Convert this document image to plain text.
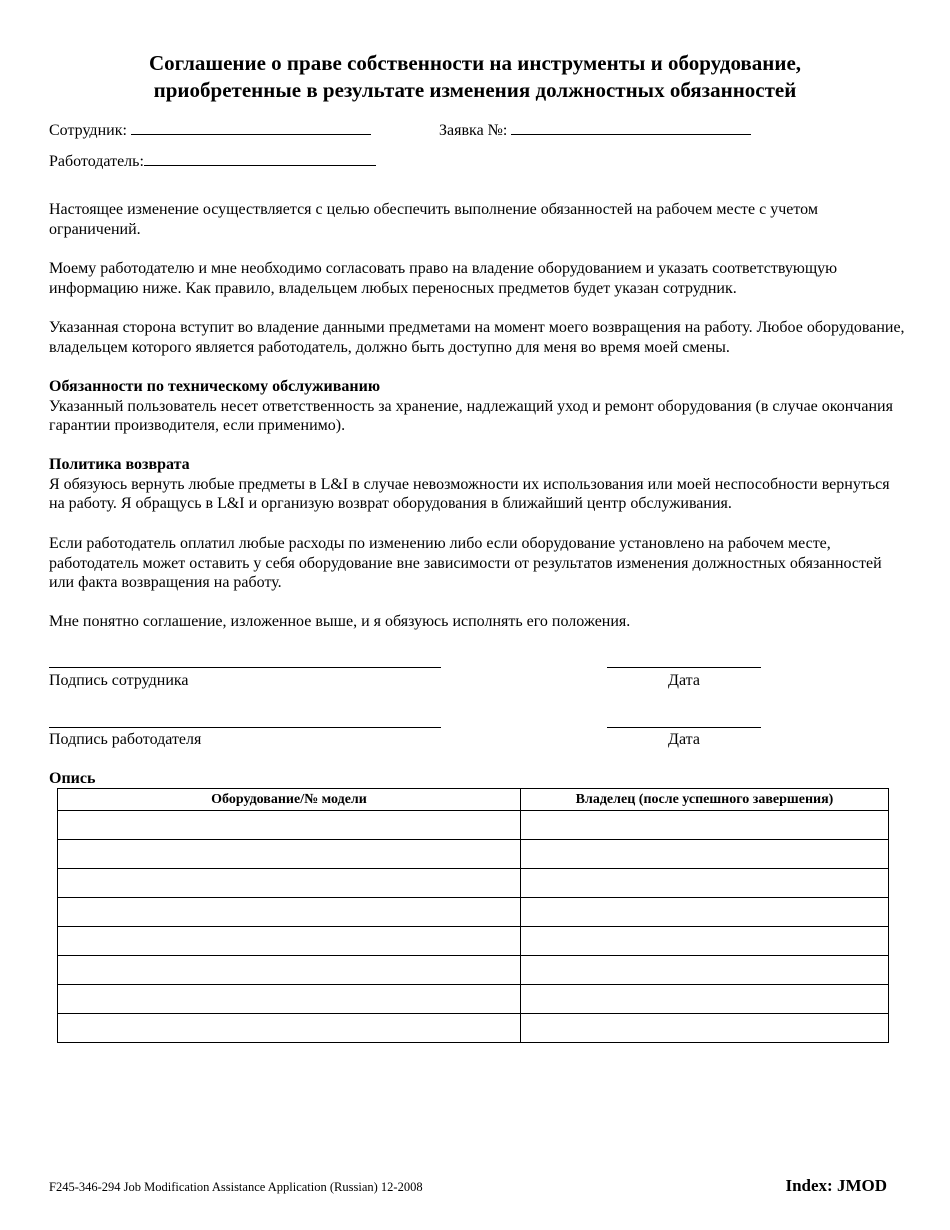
Соглашение о праве собственности на инструменты и оборудование,
приобретенные в результате изменения должностных обязанностей
Сотрудник:	Заявка №:
Работодатель:
Настоящее изменение осуществляется с целью обеспечить выполнение обязанностей на рабочем месте с учетом ограничений.
Моему работодателю и мне необходимо согласовать право на владение оборудованием и указать соответствующую информацию ниже. Как правило, владельцем любых переносных предметов будет указан сотрудник.
Указанная сторона вступит во владение данными предметами на момент моего возвращения на работу. Любое оборудование, владельцем которого является работодатель, должно быть доступно для меня во время моей смены.
Обязанности по техническому обслуживанию
Указанный пользователь несет ответственность за хранение, надлежащий уход и ремонт оборудования (в случае окончания гарантии производителя, если применимо).
Политика возврата
Я обязуюсь вернуть любые предметы в L&I в случае невозможности их использования или моей неспособности вернуться на работу. Я обращусь в L&I и организую возврат оборудования в ближайший центр обслуживания.
Если работодатель оплатил любые расходы по изменению либо если оборудование установлено на рабочем месте, работодатель может оставить у себя оборудование вне зависимости от результатов изменения должностных обязанностей или факта возвращения на работу.
Мне понятно соглашение, изложенное выше, и я обязуюсь исполнять его положения.
Подпись сотрудника	Дата
Подпись работодателя	Дата
Опись
Оборудование/№ модели	Владелец (после успешного завершения)

F245-346-294 Job Modification Assistance Application (Russian) 12-2008	Index: JMOD
